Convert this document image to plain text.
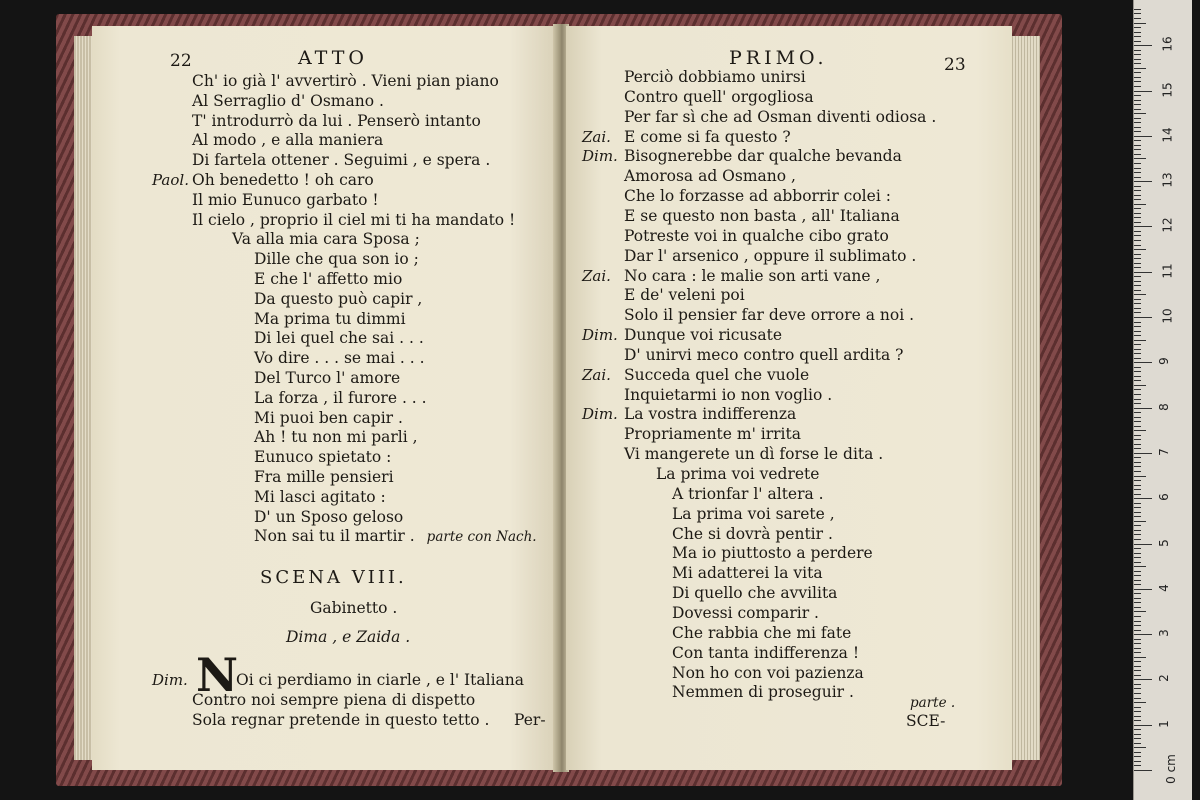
22	ATTO
Ch' io già l' avvertirò . Vieni pian piano
Al Serraglio d' Osmano .
T' introdurrò da lui . Penserò intanto
Al modo , e alla maniera
Di fartela ottener . Seguimi , e spera .
Paol. Oh benedetto ! oh caro
Il mio Eunuco garbato !
Il cielo , proprio il ciel mi ti ha mandato !
Va alla mia cara Sposa ;
Dille che qua son io ;
E che l' affetto mio
Da questo può capir ,
Ma prima tu dimmi
Di lei quel che sai . . .
Vo dire . . . se mai . . .
Del Turco l' amore
La forza , il furore . . .
Mi puoi ben capir .
Ah ! tu non mi parli ,
Eunuco spietato :
Fra mille pensieri
Mi lasci agitato :
D' un Sposo geloso
Non sai tu il martir . parte con Nach.
SCENA VIII.
Gabinetto .
Dima , e Zaida .
Dim. N
Oi ci perdiamo in ciarle , e l' Italiana
Contro noi sempre piena di dispetto
Sola regnar pretende in questo tetto . Per-
PRIMO.	23
Perciò dobbiamo unirsi
Contro quell' orgogliosa
Per far sì che ad Osman diventi odiosa .
Zai. E come si fa questo ?
Dim. Bisognerebbe dar qualche bevanda
Amorosa ad Osmano ,
Che lo forzasse ad abborrir colei :
E se questo non basta , all' Italiana
Potreste voi in qualche cibo grato
Dar l' arsenico , oppure il sublimato .
Zai. No cara : le malie son arti vane ,
E de' veleni poi
Solo il pensier far deve orrore a noi .
Dim. Dunque voi ricusate
D' unirvi meco contro quell ardita ?
Zai. Succeda quel che vuole
Inquietarmi io non voglio .
Dim. La vostra indifferenza
Propriamente m' irrita
Vi mangerete un dì forse le dita .
La prima voi vedrete
A trionfar l' altera .
La prima voi sarete ,
Che si dovrà pentir .
Ma io piuttosto a perdere
Mi adatterei la vita
Di quello che avvilita
Dovessi comparir .
Che rabbia che mi fate
Con tanta indifferenza !
Non ho con voi pazienza
Nemmen di proseguir .
parte .
SCE-
0 cm
1
2
3
4
5
6
7
8
9
10
11
12
13
14
15
16
